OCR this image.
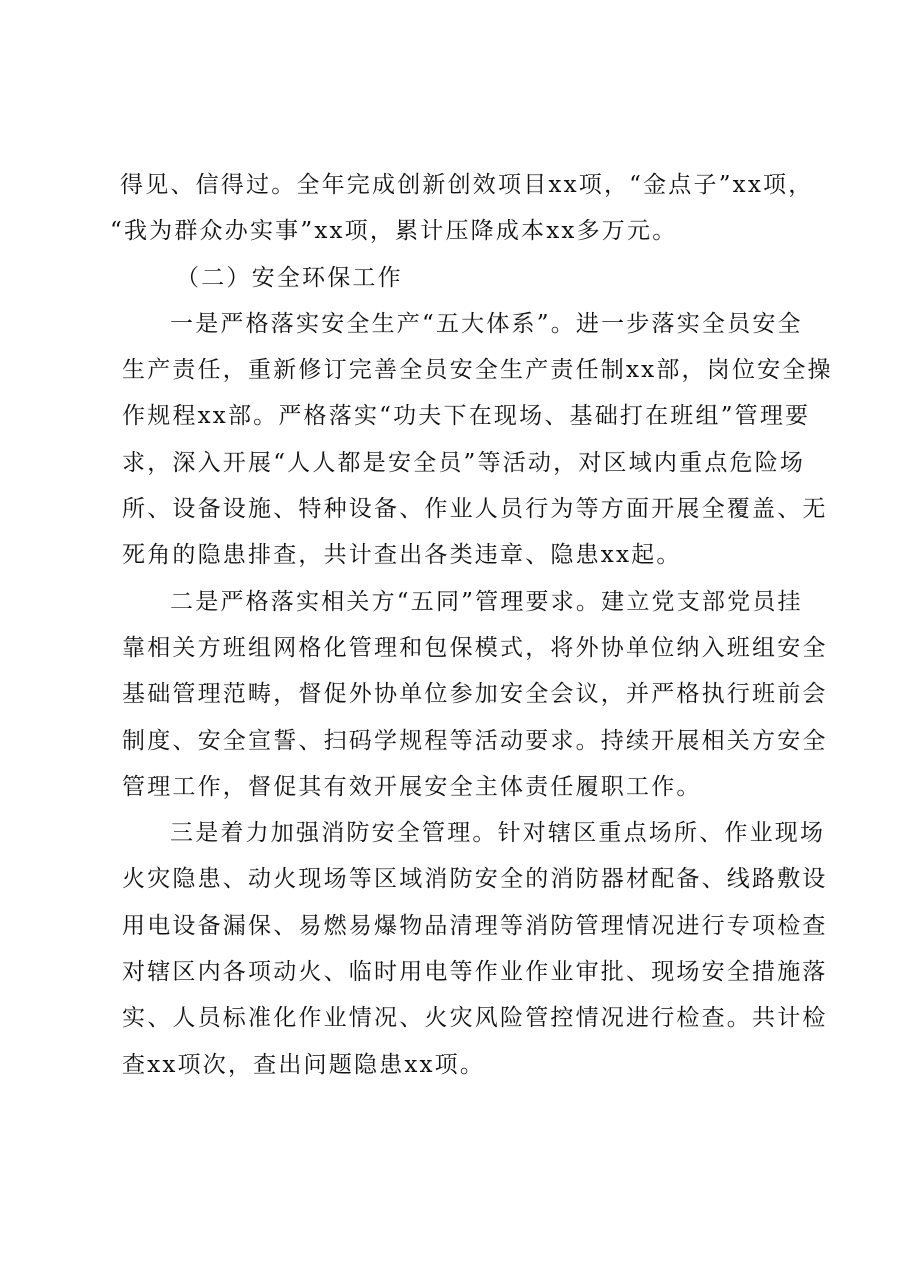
得见、信得过。全年完成创新创效项目xx项，“金点子”xx项，
“我为群众办实事”xx项，累计压降成本xx多万元。
（二）安全环保工作
一是严格落实安全生产“五大体系”。进一步落实全员安全
生产责任，重新修订完善全员安全生产责任制xx部，岗位安全操
作规程xx部。严格落实“功夫下在现场、基础打在班组”管理要
求，深入开展“人人都是安全员”等活动，对区域内重点危险场
所、设备设施、特种设备、作业人员行为等方面开展全覆盖、无
死角的隐患排查，共计查出各类违章、隐患xx起。
二是严格落实相关方“五同”管理要求。建立党支部党员挂
靠相关方班组网格化管理和包保模式，将外协单位纳入班组安全
基础管理范畴，督促外协单位参加安全会议，并严格执行班前会
制度、安全宣誓、扫码学规程等活动要求。持续开展相关方安全
管理工作，督促其有效开展安全主体责任履职工作。
三是着力加强消防安全管理。针对辖区重点场所、作业现场
火灾隐患、动火现场等区域消防安全的消防器材配备、线路敷设
用电设备漏保、易燃易爆物品清理等消防管理情况进行专项检查
对辖区内各项动火、临时用电等作业作业审批、现场安全措施落
实、人员标准化作业情况、火灾风险管控情况进行检查。共计检
查xx项次，查出问题隐患xx项。
